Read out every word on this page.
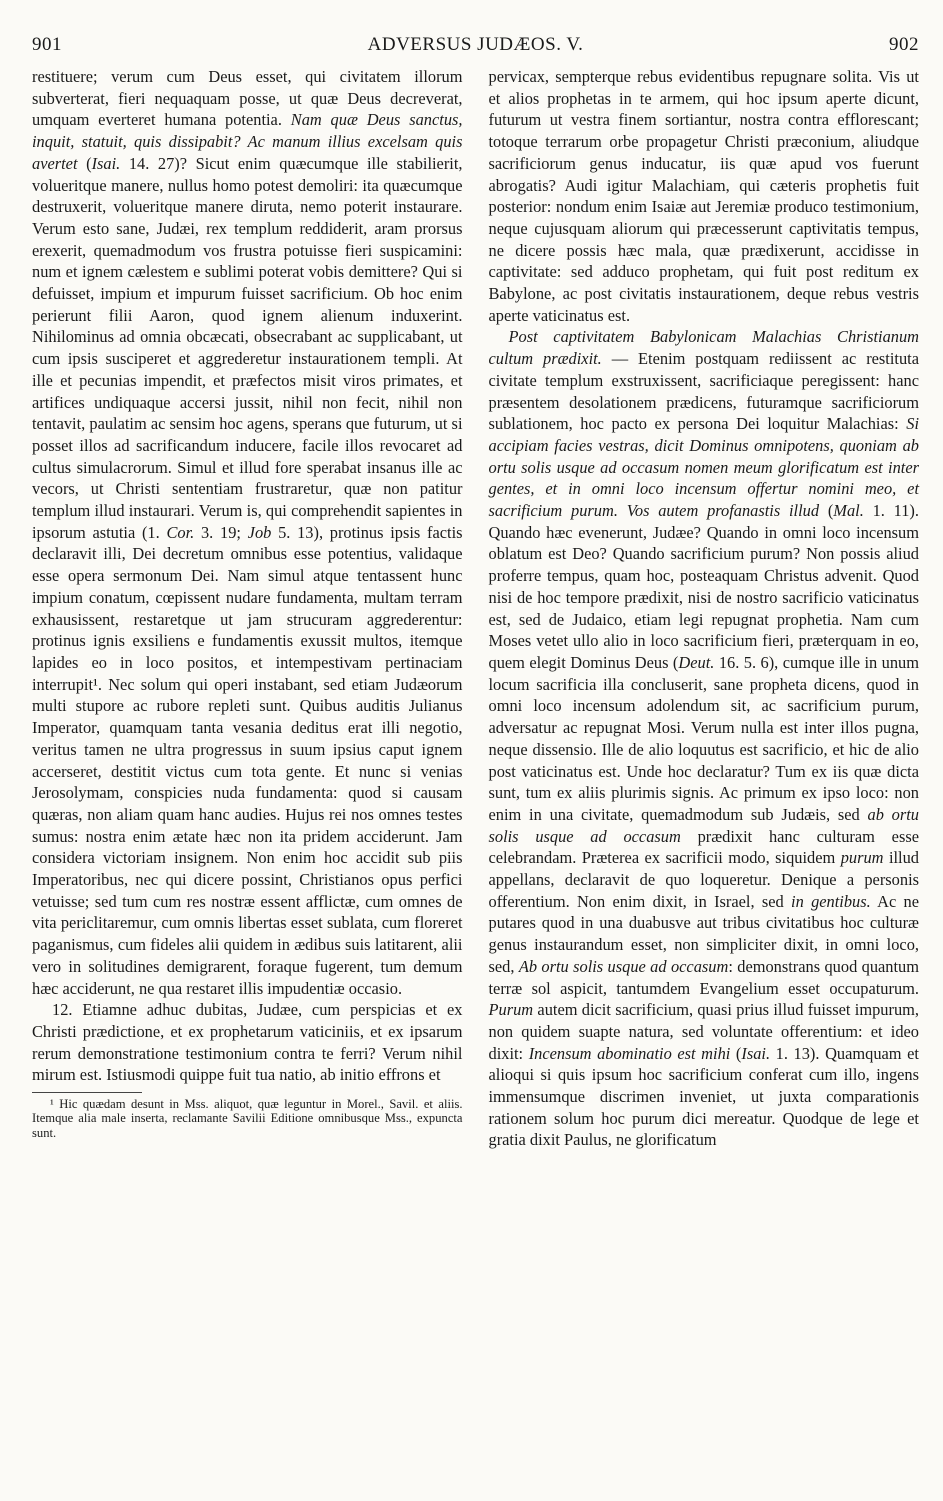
ADVERSUS JUDÆOS. V.
901	902

restituere; verum cum Deus esset, qui civitatem illorum subverterat, fieri nequaquam posse, ut quæ Deus decreverat, umquam everteret humana potentia. Nam quæ Deus sanctus, inquit, statuit, quis dissipabit? Ac manum illius excelsam quis avertet (Isai. 14. 27)? Sicut enim quæcumque ille stabilierit, volueritque manere, nullus homo potest demoliri: ita quæcumque destruxerit, volueritque manere diruta, nemo poterit instaurare. Verum esto sane, Judæi, rex templum reddiderit, aram prorsus erexerit, quemadmodum vos frustra potuisse fieri suspicamini: num et ignem cælestem e sublimi poterat vobis demittere? Qui si defuisset, impium et impurum fuisset sacrificium. Ob hoc enim perierunt filii Aaron, quod ignem alienum induxerint. Nihilominus ad omnia obcæcati, obsecrabant ac supplicabant, ut cum ipsis susciperet et aggrederetur instaurationem templi. At ille et pecunias impendit, et præfectos misit viros primates, et artifices undiquaque accersi jussit, nihil non fecit, nihil non tentavit, paulatim ac sensim hoc agens, sperans que futurum, ut si posset illos ad sacrificandum inducere, facile illos revocaret ad cultus simulacrorum. Simul et illud fore sperabat insanus ille ac vecors, ut Christi sententiam frustraretur, quæ non patitur templum illud instaurari. Verum is, qui comprehendit sapientes in ipsorum astutia (1. Cor. 3. 19; Job 5. 13), protinus ipsis factis declaravit illi, Dei decretum omnibus esse potentius, validaque esse opera sermonum Dei. Nam simul atque tentassent hunc impium conatum, cœpissent nudare fundamenta, multam terram exhausissent, restaretque ut jam strucuram aggrederentur: protinus ignis exsiliens e fundamentis exussit multos, itemque lapides eo in loco positos, et intempestivam pertinaciam interrupit¹. Nec solum qui operi instabant, sed etiam Judæorum multi stupore ac rubore repleti sunt. Quibus auditis Julianus Imperator, quamquam tanta vesania deditus erat illi negotio, veritus tamen ne ultra progressus in suum ipsius caput ignem accerseret, destitit victus cum tota gente. Et nunc si venias Jerosolymam, conspicies nuda fundamenta: quod si causam quæras, non aliam quam hanc audies. Hujus rei nos omnes testes sumus: nostra enim ætate hæc non ita pridem acciderunt. Jam considera victoriam insignem. Non enim hoc accidit sub piis Imperatoribus, nec qui dicere possint, Christianos opus perfici vetuisse; sed tum cum res nostræ essent afflictæ, cum omnes de vita periclitaremur, cum omnis libertas esset sublata, cum floreret paganismus, cum fideles alii quidem in ædibus suis latitarent, alii vero in solitudines demigrarent, foraque fugerent, tum demum hæc acciderunt, ne qua restaret illis impudentiæ occasio.

12. Etiamne adhuc dubitas, Judæe, cum perspicias et ex Christi prædictione, et ex prophetarum vaticiniis, et ex ipsarum rerum demonstratione testimonium contra te ferri? Verum nihil mirum est. Istiusmodi quippe fuit tua natio, ab initio effrons et

¹ Hic quædam desunt in Mss. aliquot, quæ leguntur in Morel., Savil. et aliis. Itemque alia male inserta, reclamante Savilii Editione omnibusque Mss., expuncta sunt.

pervicax, sempterque rebus evidentibus repugnare solita. Vis ut et alios prophetas in te armem, qui hoc ipsum aperte dicunt, futurum ut vestra finem sortiantur, nostra contra efflorescant; totoque terrarum orbe propagetur Christi præconium, aliudque sacrificiorum genus inducatur, iis quæ apud vos fuerunt abrogatis? Audi igitur Malachiam, qui cæteris prophetis fuit posterior: nondum enim Isaiæ aut Jeremiæ produco testimonium, neque cujusquam aliorum qui præcesserunt captivitatis tempus, ne dicere possis hæc mala, quæ prædixerunt, accidisse in captivitate: sed adduco prophetam, qui fuit post reditum ex Babylone, ac post civitatis instaurationem, deque rebus vestris aperte vaticinatus est.

Post captivitatem Babylonicam Malachias Christianum cultum prædixit. — Etenim postquam rediissent ac restituta civitate templum exstruxissent, sacrificiaque peregissent: hanc præsentem desolationem prædicens, futuramque sacrificiorum sublationem, hoc pacto ex persona Dei loquitur Malachias: Si accipiam facies vestras, dicit Dominus omnipotens, quoniam ab ortu solis usque ad occasum nomen meum glorificatum est inter gentes, et in omni loco incensum offertur nomini meo, et sacrificium purum. Vos autem profanastis illud (Mal. 1. 11). Quando hæc evenerunt, Judæe? Quando in omni loco incensum oblatum est Deo? Quando sacrificium purum? Non possis aliud proferre tempus, quam hoc, posteaquam Christus advenit. Quod nisi de hoc tempore prædixit, nisi de nostro sacrificio vaticinatus est, sed de Judaico, etiam legi repugnat prophetia. Nam cum Moses vetet ullo alio in loco sacrificium fieri, præterquam in eo, quem elegit Dominus Deus (Deut. 16. 5. 6), cumque ille in unum locum sacrificia illa concluserit, sane propheta dicens, quod in omni loco incensum adolendum sit, ac sacrificium purum, adversatur ac repugnat Mosi. Verum nulla est inter illos pugna, neque dissensio. Ille de alio loquutus est sacrificio, et hic de alio post vaticinatus est. Unde hoc declaratur? Tum ex iis quæ dicta sunt, tum ex aliis plurimis signis. Ac primum ex ipso loco: non enim in una civitate, quemadmodum sub Judæis, sed ab ortu solis usque ad occasum prædixit hanc culturam esse celebrandam. Præterea ex sacrificii modo, siquidem purum illud appellans, declaravit de quo loqueretur. Denique a personis offerentium. Non enim dixit, in Israel, sed in gentibus. Ac ne putares quod in una duabusve aut tribus civitatibus hoc culturæ genus instaurandum esset, non simpliciter dixit, in omni loco, sed, Ab ortu solis usque ad occasum: demonstrans quod quantum terræ sol aspicit, tantumdem Evangelium esset occupaturum. Purum autem dicit sacrificium, quasi prius illud fuisset impurum, non quidem suapte natura, sed voluntate offerentium: et ideo dixit: Incensum abominatio est mihi (Isai. 1. 13). Quamquam et alioqui si quis ipsum hoc sacrificium conferat cum illo, ingens immensumque discrimen inveniet, ut juxta comparationis rationem solum hoc purum dici mereatur. Quodque de lege et gratia dixit Paulus, ne glorificatum
